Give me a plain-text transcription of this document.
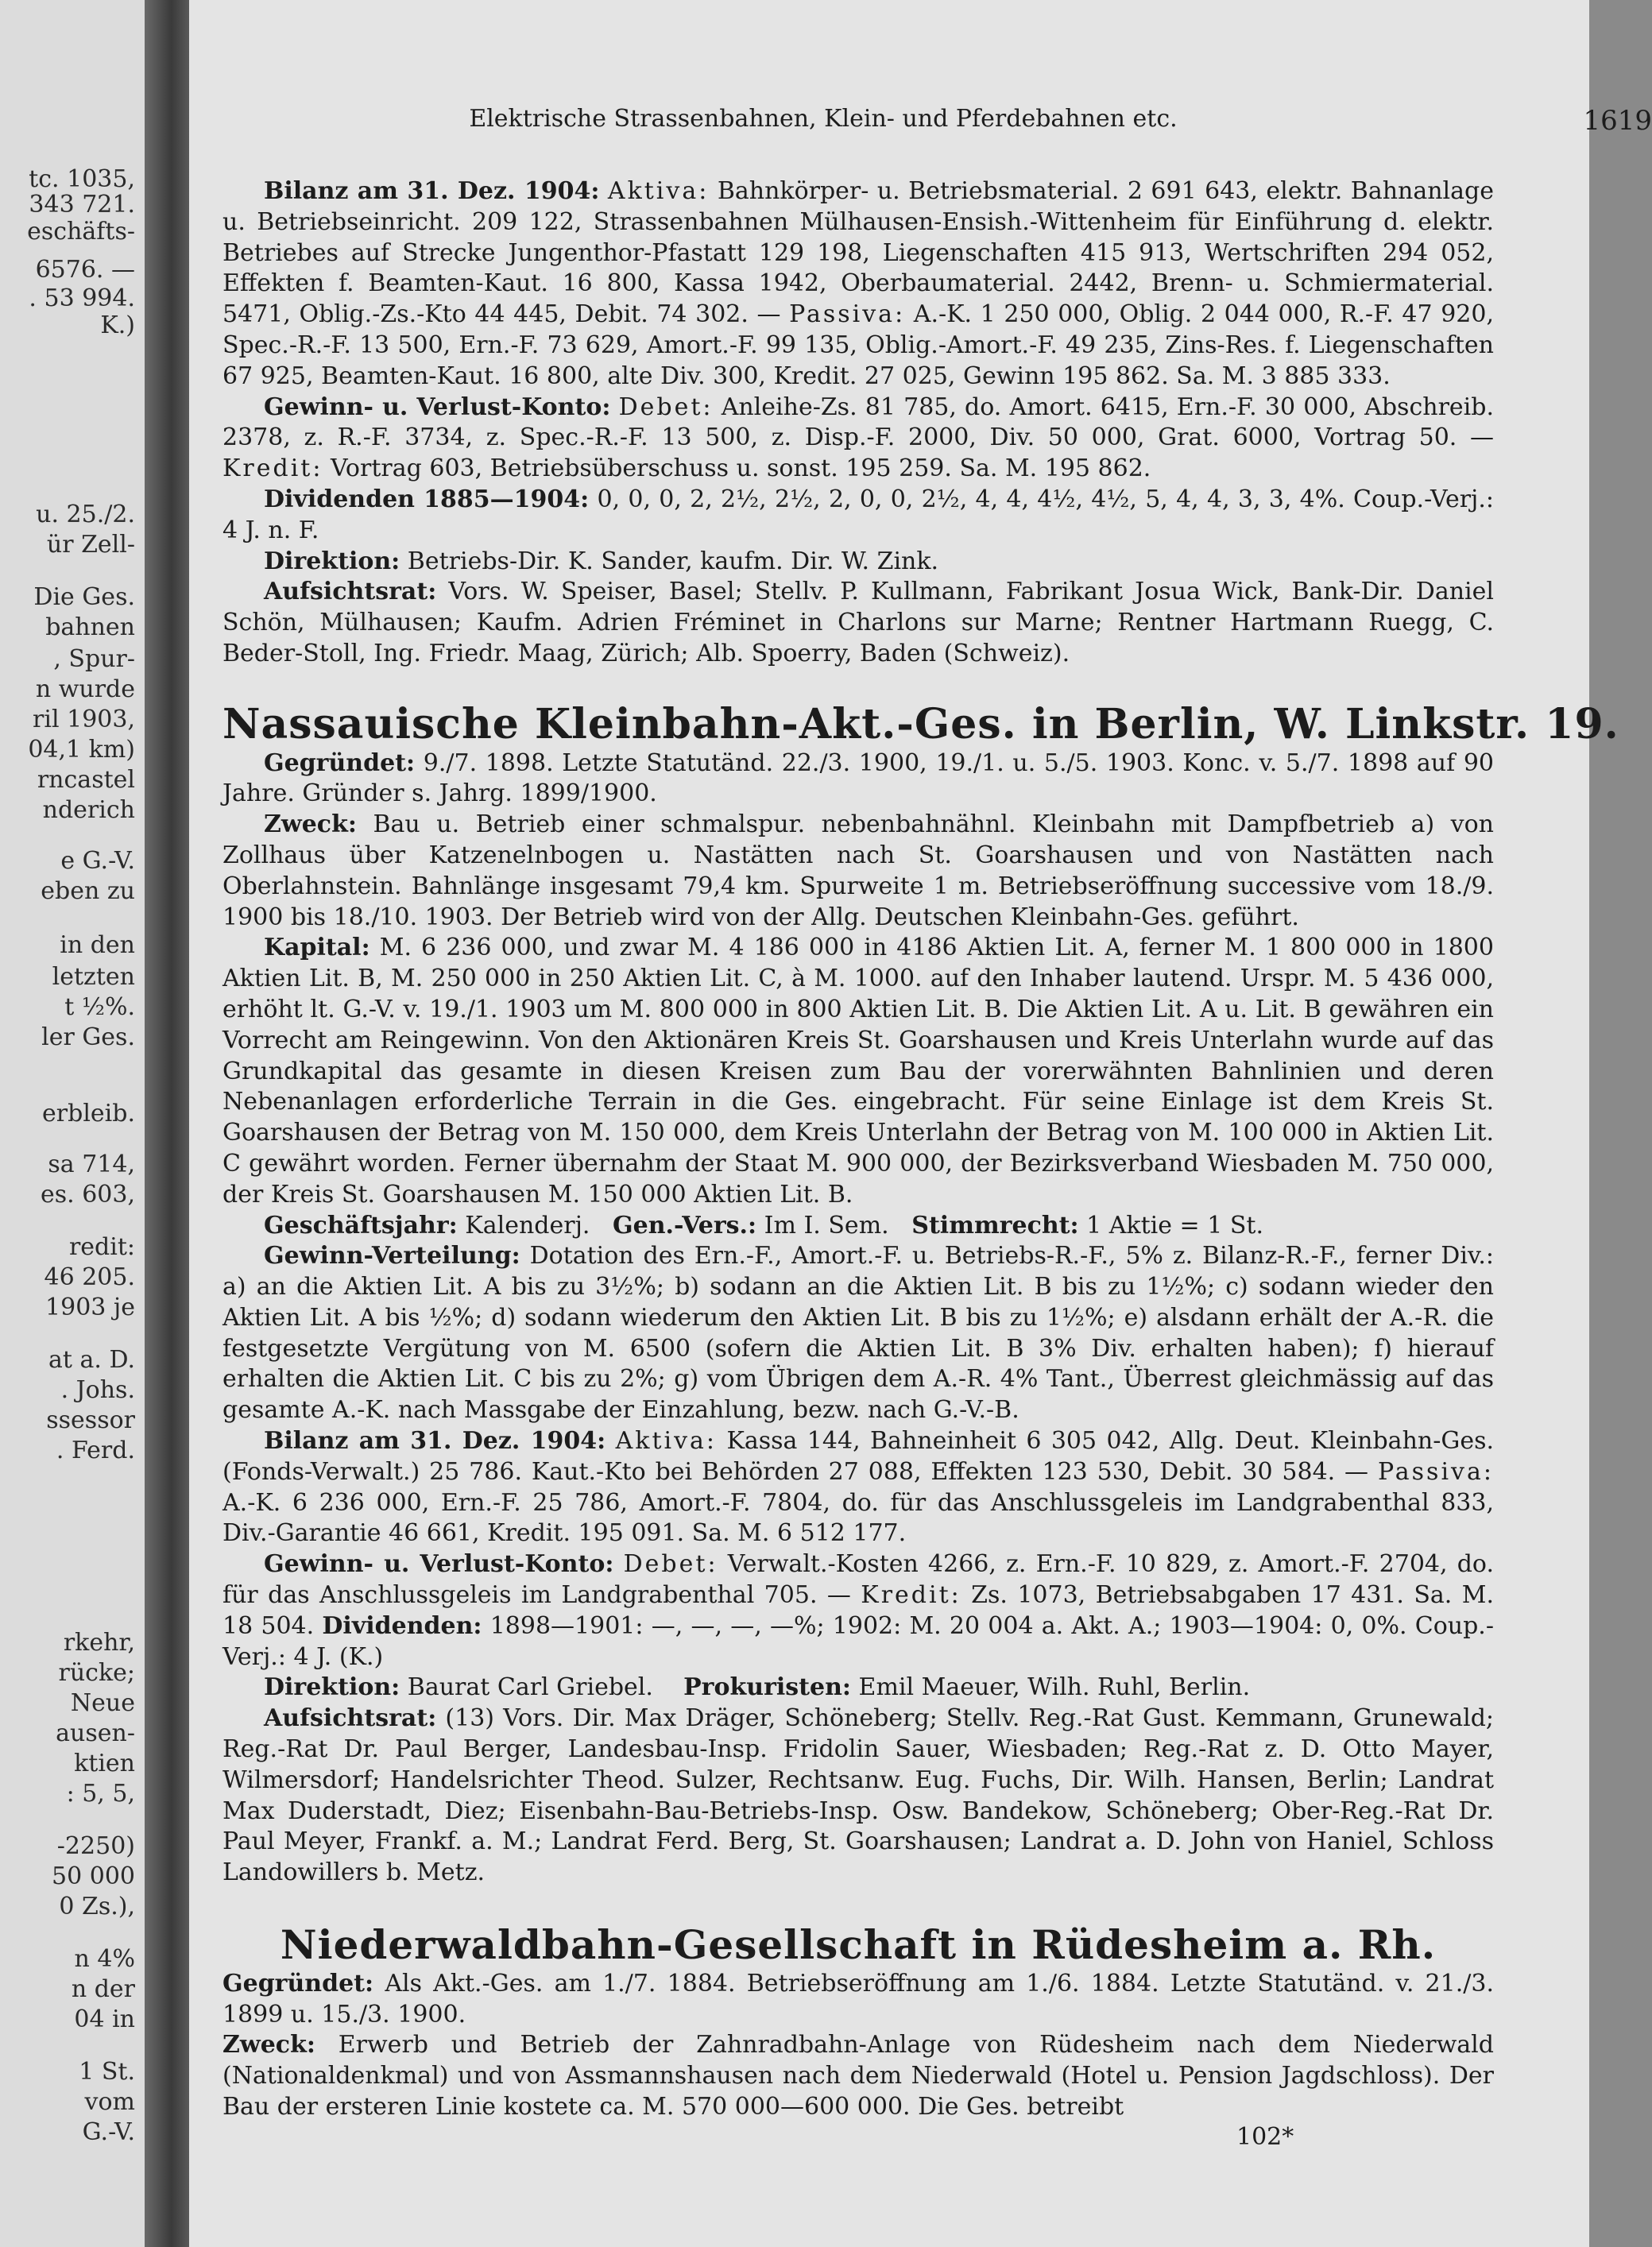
tc. 1035,
343 721.
eschäfts-
6576. —
. 53 994.
K.)
u. 25./2.
ür Zell-
Die Ges.
bahnen
, Spur-
n wurde
ril 1903,
04,1 km)
rncastel
nderich
e G.-V.
eben zu
in den
letzten
t ½%.
ler Ges.
erbleib.
sa 714,
es. 603,
redit:
46 205.
1903 je
at a. D.
. Johs.
ssessor
. Ferd.
rkehr,
rücke;
Neue
ausen-
ktien
: 5, 5,
-2250)
50 000
0 Zs.),
n 4%
n der
04 in
1 St.
vom
G.-V.
Elektrische Strassenbahnen, Klein- und Pferdebahnen etc.	1619

Bilanz am 31. Dez. 1904: Aktiva: Bahnkörper- u. Betriebsmaterial. 2 691 643, elektr. Bahnanlage u. Betriebseinricht. 209 122, Strassenbahnen Mülhausen-Ensish.-Wittenheim für Einführung d. elektr. Betriebes auf Strecke Jungenthor-Pfastatt 129 198, Liegenschaften 415 913, Wertschriften 294 052, Effekten f. Beamten-Kaut. 16 800, Kassa 1942, Oberbaumaterial. 2442, Brenn- u. Schmiermaterial. 5471, Oblig.-Zs.-Kto 44 445, Debit. 74 302. — Passiva: A.-K. 1 250 000, Oblig. 2 044 000, R.-F. 47 920, Spec.-R.-F. 13 500, Ern.-F. 73 629, Amort.-F. 99 135, Oblig.-Amort.-F. 49 235, Zins-Res. f. Liegenschaften 67 925, Beamten-Kaut. 16 800, alte Div. 300, Kredit. 27 025, Gewinn 195 862. Sa. M. 3 885 333.

Gewinn- u. Verlust-Konto: Debet: Anleihe-Zs. 81 785, do. Amort. 6415, Ern.-F. 30 000, Abschreib. 2378, z. R.-F. 3734, z. Spec.-R.-F. 13 500, z. Disp.-F. 2000, Div. 50 000, Grat. 6000, Vortrag 50. — Kredit: Vortrag 603, Betriebsüberschuss u. sonst. 195 259. Sa. M. 195 862.

Dividenden 1885—1904: 0, 0, 0, 2, 2½, 2½, 2, 0, 0, 2½, 4, 4, 4½, 4½, 5, 4, 4, 3, 3, 4%. Coup.-Verj.: 4 J. n. F.

Direktion: Betriebs-Dir. K. Sander, kaufm. Dir. W. Zink.

Aufsichtsrat: Vors. W. Speiser, Basel; Stellv. P. Kullmann, Fabrikant Josua Wick, Bank-Dir. Daniel Schön, Mülhausen; Kaufm. Adrien Fréminet in Charlons sur Marne; Rentner Hartmann Ruegg, C. Beder-Stoll, Ing. Friedr. Maag, Zürich; Alb. Spoerry, Baden (Schweiz).

Nassauische Kleinbahn-Akt.-Ges. in Berlin, W. Linkstr. 19.

Gegründet: 9./7. 1898. Letzte Statutänd. 22./3. 1900, 19./1. u. 5./5. 1903. Konc. v. 5./7. 1898 auf 90 Jahre. Gründer s. Jahrg. 1899/1900.

Zweck: Bau u. Betrieb einer schmalspur. nebenbahnähnl. Kleinbahn mit Dampfbetrieb a) von Zollhaus über Katzenelnbogen u. Nastätten nach St. Goarshausen und von Nastätten nach Oberlahnstein. Bahnlänge insgesamt 79,4 km. Spurweite 1 m. Betriebseröffnung successive vom 18./9. 1900 bis 18./10. 1903. Der Betrieb wird von der Allg. Deutschen Kleinbahn-Ges. geführt.

Kapital: M. 6 236 000, und zwar M. 4 186 000 in 4186 Aktien Lit. A, ferner M. 1 800 000 in 1800 Aktien Lit. B, M. 250 000 in 250 Aktien Lit. C, à M. 1000. auf den Inhaber lautend. Urspr. M. 5 436 000, erhöht lt. G.-V. v. 19./1. 1903 um M. 800 000 in 800 Aktien Lit. B. Die Aktien Lit. A u. Lit. B gewähren ein Vorrecht am Reingewinn. Von den Aktionären Kreis St. Goarshausen und Kreis Unterlahn wurde auf das Grundkapital das gesamte in diesen Kreisen zum Bau der vorerwähnten Bahnlinien und deren Nebenanlagen erforderliche Terrain in die Ges. eingebracht. Für seine Einlage ist dem Kreis St. Goarshausen der Betrag von M. 150 000, dem Kreis Unterlahn der Betrag von M. 100 000 in Aktien Lit. C gewährt worden. Ferner übernahm der Staat M. 900 000, der Bezirksverband Wiesbaden M. 750 000, der Kreis St. Goarshausen M. 150 000 Aktien Lit. B.

Geschäftsjahr: Kalenderj. Gen.-Vers.: Im I. Sem. Stimmrecht: 1 Aktie = 1 St.

Gewinn-Verteilung: Dotation des Ern.-F., Amort.-F. u. Betriebs-R.-F., 5% z. Bilanz-R.-F., ferner Div.: a) an die Aktien Lit. A bis zu 3½%; b) sodann an die Aktien Lit. B bis zu 1½%; c) sodann wieder den Aktien Lit. A bis ½%; d) sodann wiederum den Aktien Lit. B bis zu 1½%; e) alsdann erhält der A.-R. die festgesetzte Vergütung von M. 6500 (sofern die Aktien Lit. B 3% Div. erhalten haben); f) hierauf erhalten die Aktien Lit. C bis zu 2%; g) vom Übrigen dem A.-R. 4% Tant., Überrest gleichmässig auf das gesamte A.-K. nach Massgabe der Einzahlung, bezw. nach G.-V.-B.

Bilanz am 31. Dez. 1904: Aktiva: Kassa 144, Bahneinheit 6 305 042, Allg. Deut. Kleinbahn-Ges. (Fonds-Verwalt.) 25 786. Kaut.-Kto bei Behörden 27 088, Effekten 123 530, Debit. 30 584. — Passiva: A.-K. 6 236 000, Ern.-F. 25 786, Amort.-F. 7804, do. für das Anschlussgeleis im Landgrabenthal 833, Div.-Garantie 46 661, Kredit. 195 091. Sa. M. 6 512 177.

Gewinn- u. Verlust-Konto: Debet: Verwalt.-Kosten 4266, z. Ern.-F. 10 829, z. Amort.-F. 2704, do. für das Anschlussgeleis im Landgrabenthal 705. — Kredit: Zs. 1073, Betriebsabgaben 17 431. Sa. M. 18 504. Dividenden: 1898—1901: —, —, —, —%; 1902: M. 20 004 a. Akt. A.; 1903—1904: 0, 0%. Coup.-Verj.: 4 J. (K.)

Direktion: Baurat Carl Griebel. Prokuristen: Emil Maeuer, Wilh. Ruhl, Berlin.

Aufsichtsrat: (13) Vors. Dir. Max Dräger, Schöneberg; Stellv. Reg.-Rat Gust. Kemmann, Grunewald; Reg.-Rat Dr. Paul Berger, Landesbau-Insp. Fridolin Sauer, Wiesbaden; Reg.-Rat z. D. Otto Mayer, Wilmersdorf; Handelsrichter Theod. Sulzer, Rechtsanw. Eug. Fuchs, Dir. Wilh. Hansen, Berlin; Landrat Max Duderstadt, Diez; Eisenbahn-Bau-Betriebs-Insp. Osw. Bandekow, Schöneberg; Ober-Reg.-Rat Dr. Paul Meyer, Frankf. a. M.; Landrat Ferd. Berg, St. Goarshausen; Landrat a. D. John von Haniel, Schloss Landowillers b. Metz.

Niederwaldbahn-Gesellschaft in Rüdesheim a. Rh.

Gegründet: Als Akt.-Ges. am 1./7. 1884. Betriebseröffnung am 1./6. 1884. Letzte Statutänd. v. 21./3. 1899 u. 15./3. 1900.

Zweck: Erwerb und Betrieb der Zahnradbahn-Anlage von Rüdesheim nach dem Niederwald (Nationaldenkmal) und von Assmannshausen nach dem Niederwald (Hotel u. Pension Jagdschloss). Der Bau der ersteren Linie kostete ca. M. 570 000—600 000. Die Ges. betreibt

102*
